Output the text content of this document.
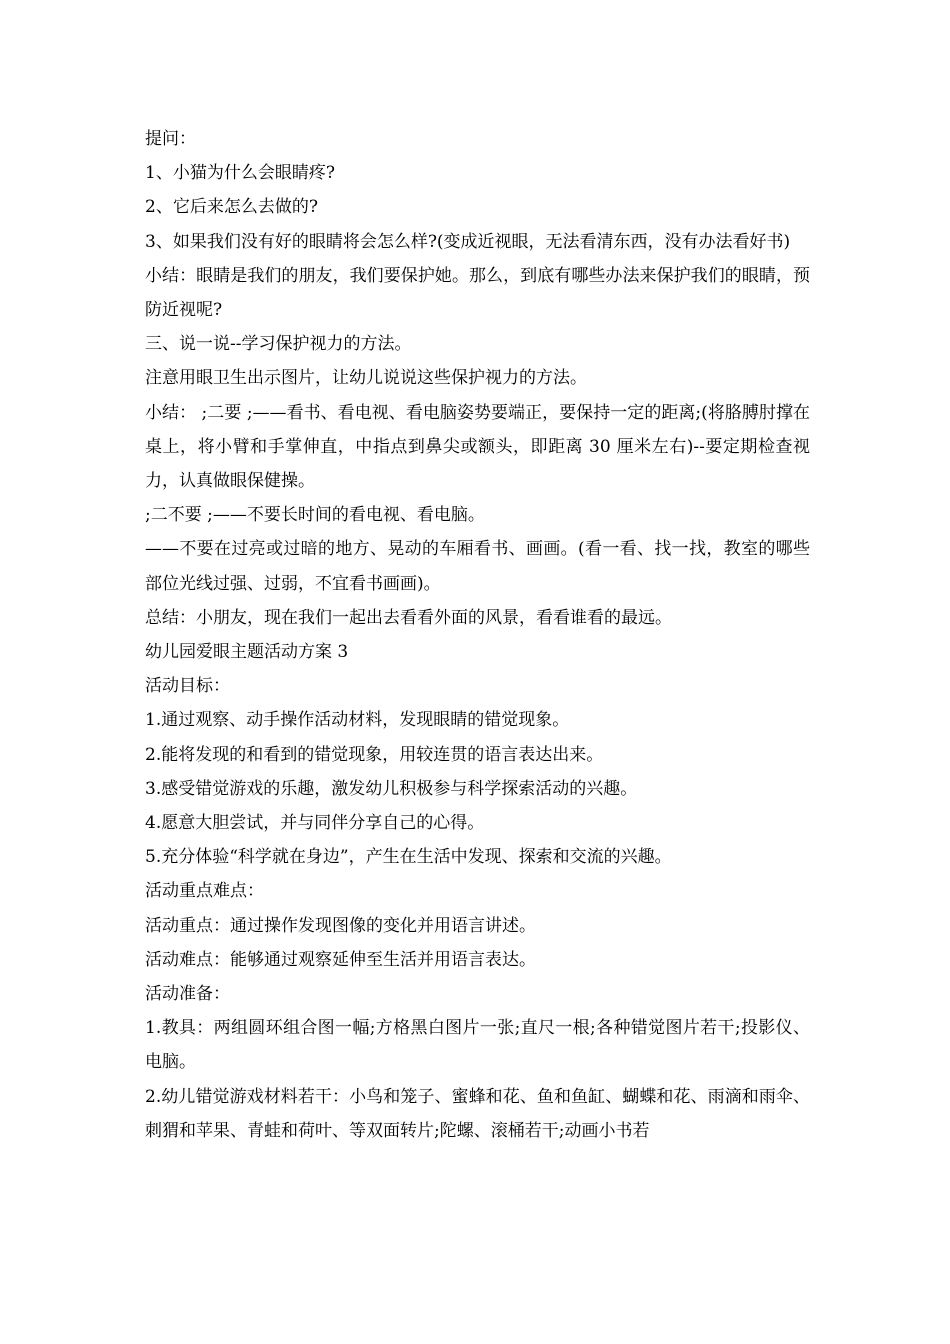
提问：

1、小猫为什么会眼睛疼?

2、它后来怎么去做的?

3、如果我们没有好的眼睛将会怎么样?(变成近视眼，无法看清东西，没有办法看好书)

小结：眼睛是我们的朋友，我们要保护她。那么，到底有哪些办法来保护我们的眼睛，预防近视呢?

三、说一说--学习保护视力的方法。

注意用眼卫生出示图片，让幼儿说说这些保护视力的方法。

小结： ;二要 ;——看书、看电视、看电脑姿势要端正，要保持一定的距离;(将胳膊肘撑在桌上，将小臂和手掌伸直，中指点到鼻尖或额头，即距离 30 厘米左右)--要定期检查视力，认真做眼保健操。

;二不要 ;——不要长时间的看电视、看电脑。

——不要在过亮或过暗的地方、晃动的车厢看书、画画。(看一看、找一找，教室的哪些部位光线过强、过弱，不宜看书画画)。

总结：小朋友，现在我们一起出去看看外面的风景，看看谁看的最远。

幼儿园爱眼主题活动方案 3

活动目标：

1.通过观察、动手操作活动材料，发现眼睛的错觉现象。

2.能将发现的和看到的错觉现象，用较连贯的语言表达出来。

3.感受错觉游戏的乐趣，激发幼儿积极参与科学探索活动的兴趣。

4.愿意大胆尝试，并与同伴分享自己的心得。

5.充分体验“科学就在身边”，产生在生活中发现、探索和交流的兴趣。

活动重点难点：

活动重点：通过操作发现图像的变化并用语言讲述。

活动难点：能够通过观察延伸至生活并用语言表达。

活动准备：

1.教具：两组圆环组合图一幅;方格黑白图片一张;直尺一根;各种错觉图片若干;投影仪、电脑。

2.幼儿错觉游戏材料若干：小鸟和笼子、蜜蜂和花、鱼和鱼缸、蝴蝶和花、雨滴和雨伞、刺猬和苹果、青蛙和荷叶、等双面转片;陀螺、滚桶若干;动画小书若
